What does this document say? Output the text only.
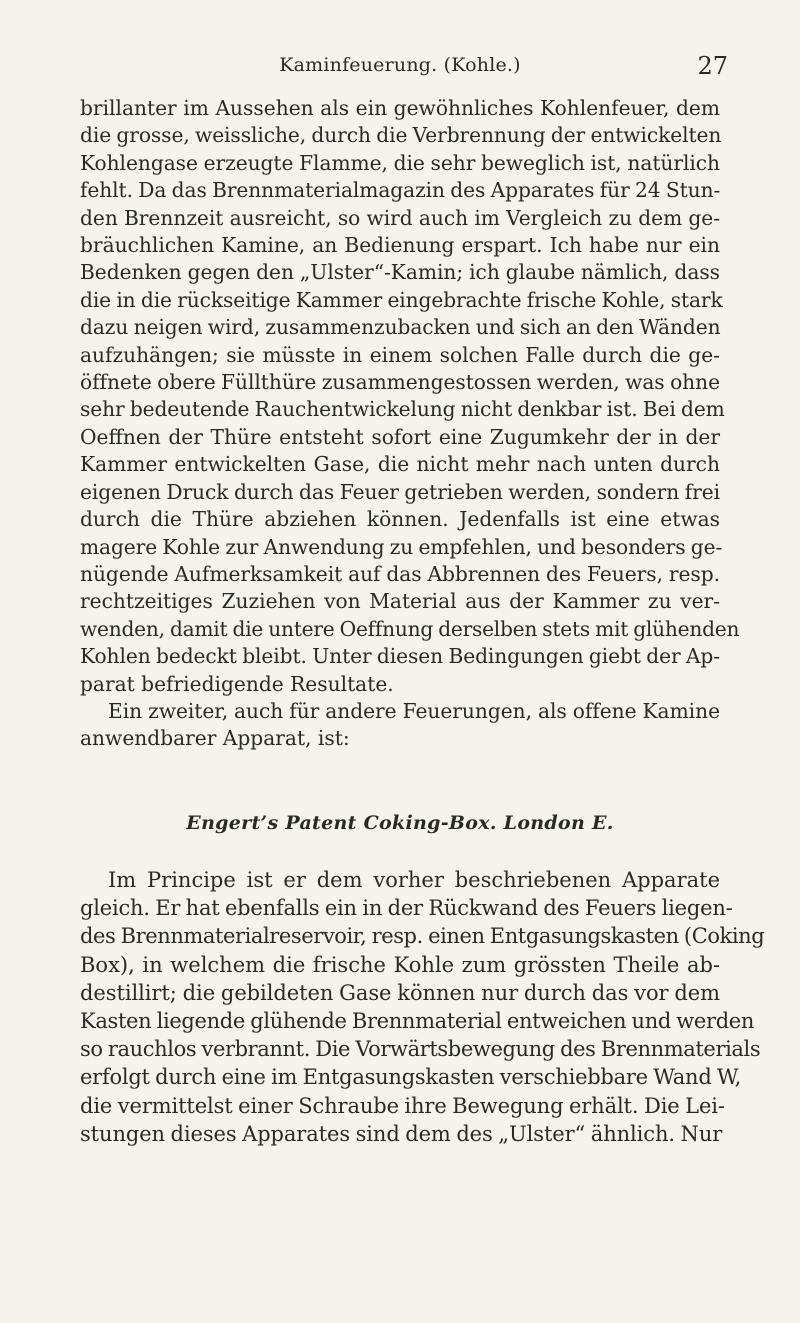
Kaminfeuerung. (Kohle.)	27
brillanter im Aussehen als ein gewöhnliches Kohlenfeuer, dem
die grosse, weissliche, durch die Verbrennung der entwickelten
Kohlengase erzeugte Flamme, die sehr beweglich ist, natürlich
fehlt. Da das Brennmaterialmagazin des Apparates für 24 Stun-
den Brennzeit ausreicht, so wird auch im Vergleich zu dem ge-
bräuchlichen Kamine, an Bedienung erspart. Ich habe nur ein
Bedenken gegen den „Ulster“-Kamin; ich glaube nämlich, dass
die in die rückseitige Kammer eingebrachte frische Kohle, stark
dazu neigen wird, zusammenzubacken und sich an den Wänden
aufzuhängen; sie müsste in einem solchen Falle durch die ge-
öffnete obere Füllthüre zusammengestossen werden, was ohne
sehr bedeutende Rauchentwickelung nicht denkbar ist. Bei dem
Oeffnen der Thüre entsteht sofort eine Zugumkehr der in der
Kammer entwickelten Gase, die nicht mehr nach unten durch
eigenen Druck durch das Feuer getrieben werden, sondern frei
durch die Thüre abziehen können. Jedenfalls ist eine etwas
magere Kohle zur Anwendung zu empfehlen, und besonders ge-
nügende Aufmerksamkeit auf das Abbrennen des Feuers, resp.
rechtzeitiges Zuziehen von Material aus der Kammer zu ver-
wenden, damit die untere Oeffnung derselben stets mit glühenden
Kohlen bedeckt bleibt. Unter diesen Bedingungen giebt der Ap-
parat befriedigende Resultate.
Ein zweiter, auch für andere Feuerungen, als offene Kamine
anwendbarer Apparat, ist:
Engert’s Patent Coking-Box. London E.
Im Principe ist er dem vorher beschriebenen Apparate
gleich. Er hat ebenfalls ein in der Rückwand des Feuers liegen-
des Brennmaterialreservoir, resp. einen Entgasungskasten (Coking
Box), in welchem die frische Kohle zum grössten Theile ab-
destillirt; die gebildeten Gase können nur durch das vor dem
Kasten liegende glühende Brennmaterial entweichen und werden
so rauchlos verbrannt. Die Vorwärtsbewegung des Brennmaterials
erfolgt durch eine im Entgasungskasten verschiebbare Wand W,
die vermittelst einer Schraube ihre Bewegung erhält. Die Lei-
stungen dieses Apparates sind dem des „Ulster“ ähnlich. Nur
